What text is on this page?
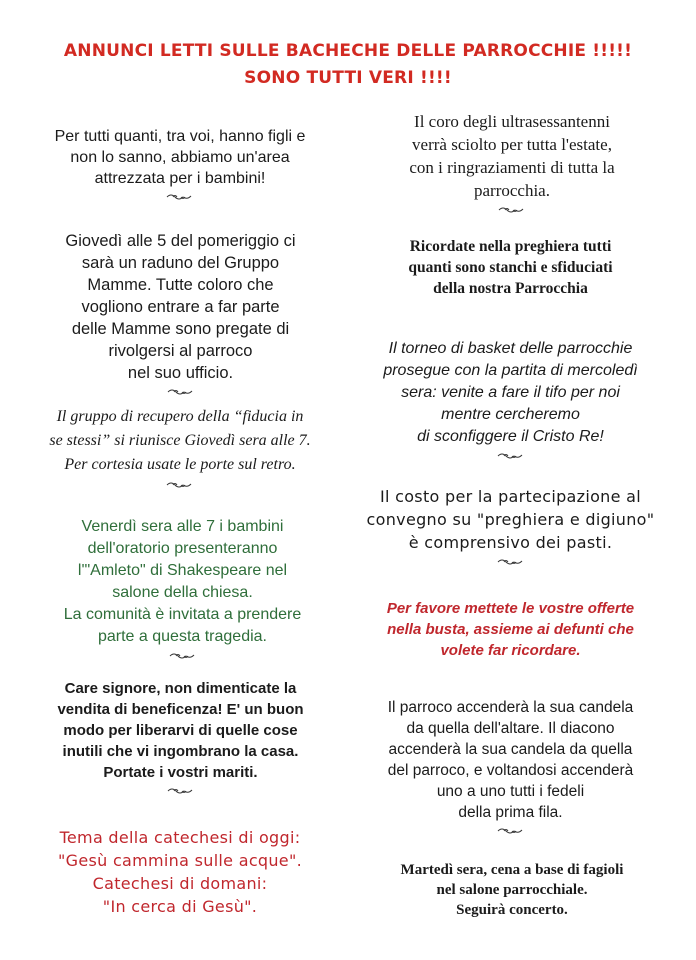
ANNUNCI LETTI SULLE BACHECHE DELLE PARROCCHIE !!!!!
SONO TUTTI VERI !!!!
Per tutti quanti, tra voi, hanno figli e
non lo sanno, abbiamo un'area
attrezzata per i bambini!
Giovedì alle 5 del pomeriggio ci
sarà un raduno del Gruppo
Mamme. Tutte coloro che
vogliono entrare a far parte
delle Mamme sono pregate di
rivolgersi al parroco
nel suo ufficio.
Il gruppo di recupero della “fiducia in
se stessi” si riunisce Giovedì sera alle 7.
Per cortesia usate le porte sul retro.
Venerdì sera alle 7 i bambini
dell'oratorio presenteranno
l'"Amleto" di Shakespeare nel
salone della chiesa.
La comunità è invitata a prendere
parte a questa tragedia.
Care signore, non dimenticate la
vendita di beneficenza! E' un buon
modo per liberarvi di quelle cose
inutili che vi ingombrano la casa.
Portate i vostri mariti.
Tema della catechesi di oggi:
"Gesù cammina sulle acque".
Catechesi di domani:
"In cerca di Gesù".
Il coro degli ultrasessantenni
verrà sciolto per tutta l'estate,
con i ringraziamenti di tutta la
parrocchia.
Ricordate nella preghiera tutti
quanti sono stanchi e sfiduciati
della nostra Parrocchia
Il torneo di basket delle parrocchie
prosegue con la partita di mercoledì
sera: venite a fare il tifo per noi
mentre cercheremo
di sconfiggere il Cristo Re!
Il costo per la partecipazione al
convegno su "preghiera e digiuno"
è comprensivo dei pasti.
Per favore mettete le vostre offerte
nella busta, assieme ai defunti che
volete far ricordare.
Il parroco accenderà la sua candela
da quella dell'altare. Il diacono
accenderà la sua candela da quella
del parroco, e voltandosi accenderà
uno a uno tutti i fedeli
della prima fila.
Martedì sera, cena a base di fagioli
nel salone parrocchiale.
Seguirà concerto.
